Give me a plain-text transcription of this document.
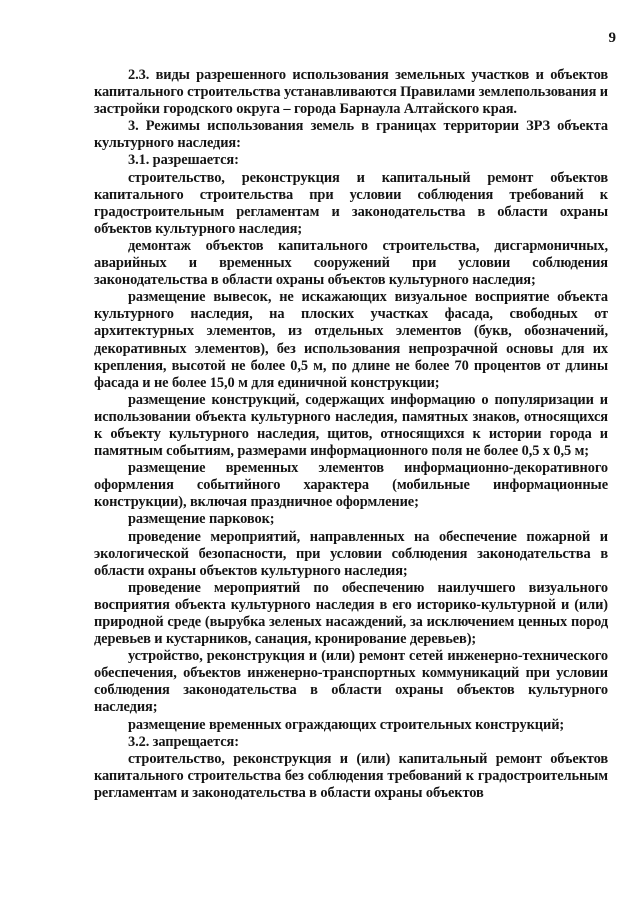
9

2.3. виды разрешенного использования земельных участков и объектов капитального строительства устанавливаются Правилами землепользования и застройки городского округа – города Барнаула Алтайского края.

3. Режимы использования земель в границах территории ЗРЗ объекта культурного наследия:

3.1. разрешается:

строительство, реконструкция и капитальный ремонт объектов капитального строительства при условии соблюдения требований к градостроительным регламентам и законодательства в области охраны объектов культурного наследия;

демонтаж объектов капитального строительства, дисгармоничных, аварийных и временных сооружений при условии соблюдения законодательства в области охраны объектов культурного наследия;

размещение вывесок, не искажающих визуальное восприятие объекта культурного наследия, на плоских участках фасада, свободных от архитектурных элементов, из отдельных элементов (букв, обозначений, декоративных элементов), без использования непрозрачной основы для их крепления, высотой не более 0,5 м, по длине не более 70 процентов от длины фасада и не более 15,0 м для единичной конструкции;

размещение конструкций, содержащих информацию о популяризации и использовании объекта культурного наследия, памятных знаков, относящихся к объекту культурного наследия, щитов, относящихся к истории города и памятным событиям, размерами информационного поля не более 0,5 х 0,5 м;

размещение временных элементов информационно-декоративного оформления событийного характера (мобильные информационные конструкции), включая праздничное оформление;

размещение парковок;

проведение мероприятий, направленных на обеспечение пожарной и экологической безопасности, при условии соблюдения законодательства в области охраны объектов культурного наследия;

проведение мероприятий по обеспечению наилучшего визуального восприятия объекта культурного наследия в его историко-культурной и (или) природной среде (вырубка зеленых насаждений, за исключением ценных пород деревьев и кустарников, санация, кронирование деревьев);

устройство, реконструкция и (или) ремонт сетей инженерно-технического обеспечения, объектов инженерно-транспортных коммуникаций при условии соблюдения законодательства в области охраны объектов культурного наследия;

размещение временных ограждающих строительных конструкций;

3.2. запрещается:

строительство, реконструкция и (или) капитальный ремонт объектов капитального строительства без соблюдения требований к градостроительным регламентам и законодательства в области охраны объектов
